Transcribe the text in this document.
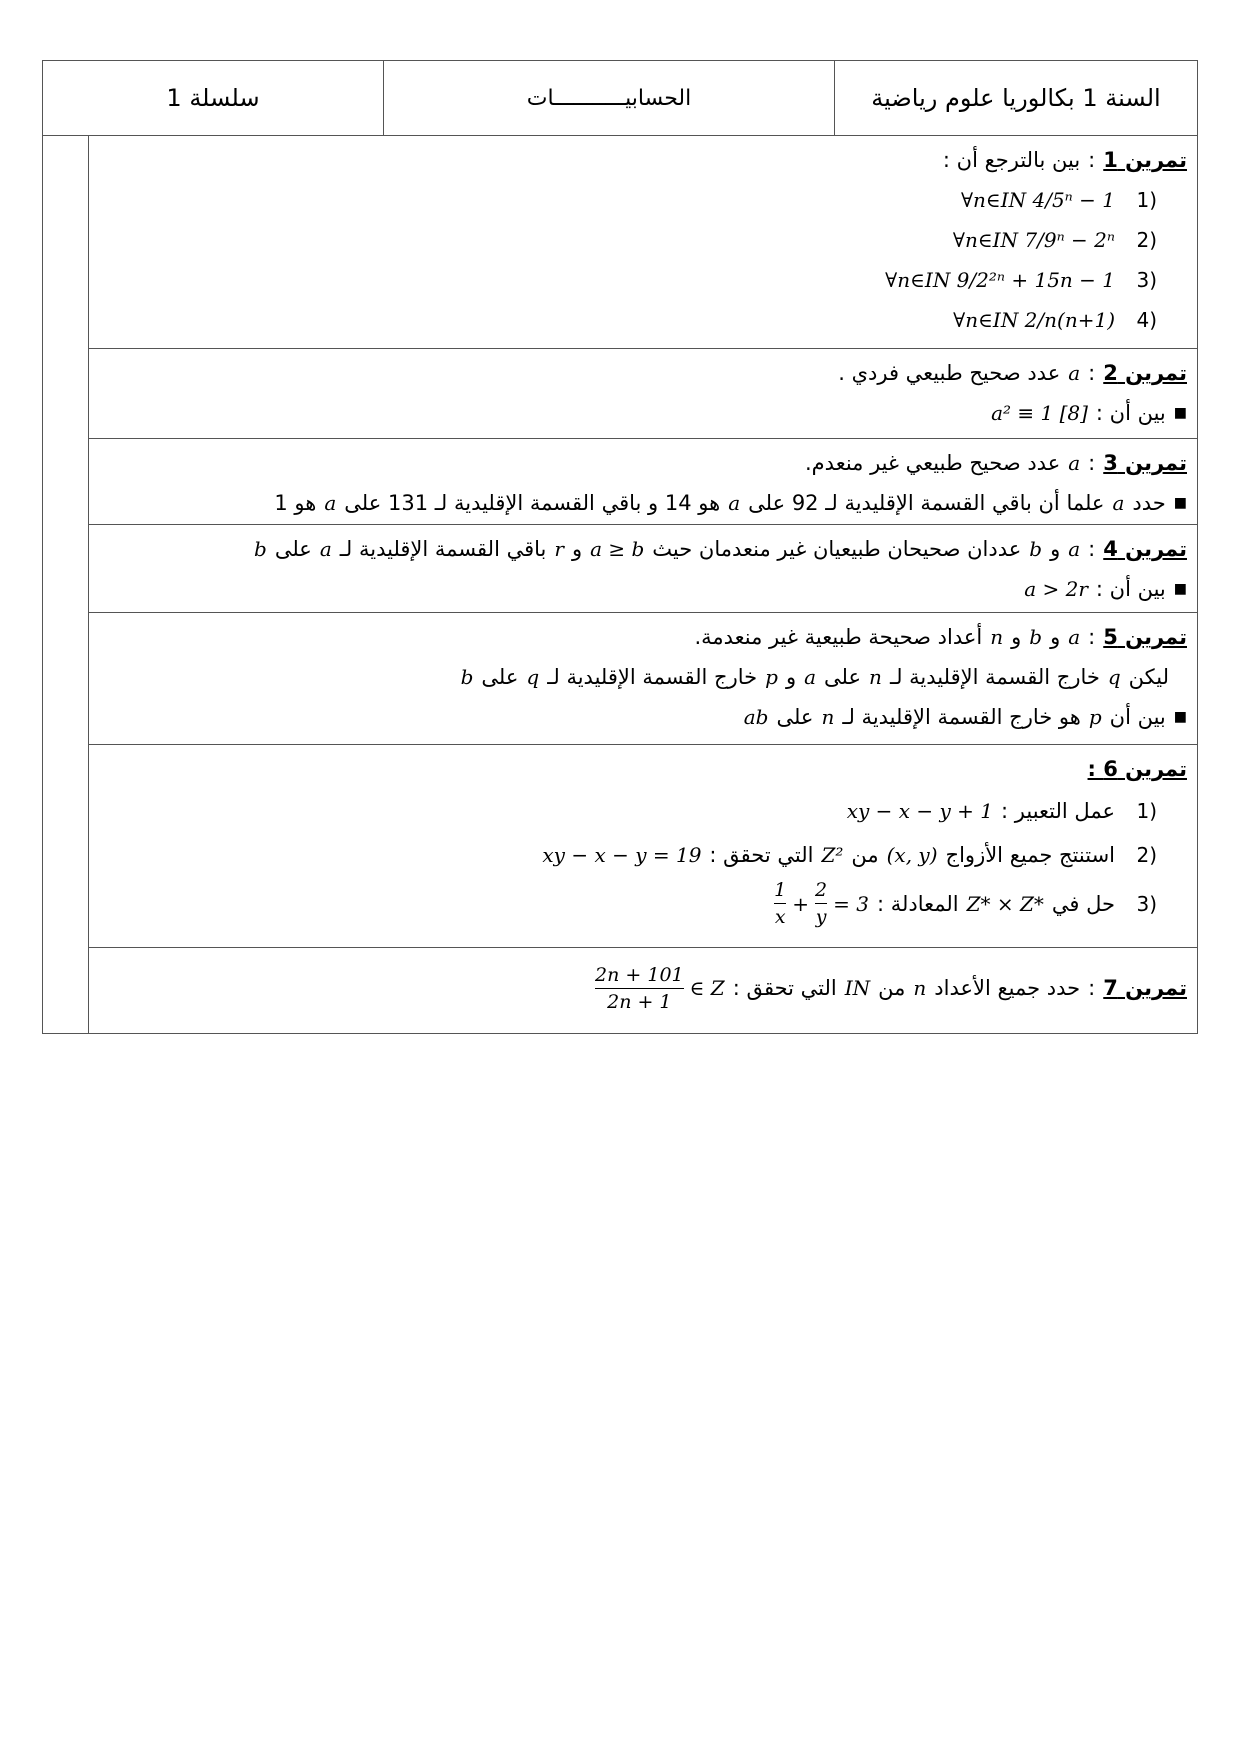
السنة 1 بكالوريا علوم رياضية
الحسابيـــــــــــات
سلسلة 1
تمرين 1
:
بين بالترجع أن :
(1
∀n∈IN 4/5ⁿ − 1
(2
∀n∈IN 7/9ⁿ − 2ⁿ
(3
∀n∈IN 9/2²ⁿ + 15n − 1
(4
∀n∈IN 2/n(n+1)
تمرين 2
:
a
عدد صحيح طبيعي فردي .
■
بين أن :
a² ≡ 1 [8]
تمرين 3
:
a
عدد صحيح طبيعي غير منعدم.
■
حدد
a
علما أن باقي القسمة الإقليدية لـ 92 على
a
هو 14 و باقي القسمة الإقليدية لـ 131 على
a
هو 1
تمرين 4
:
a
و
b
عددان صحيحان طبيعيان غير منعدمان حيث
a ≥ b
و
r
باقي القسمة الإقليدية لـ
a
على
b
■
بين أن :
a > 2r
تمرين 5
:
a
و
b
و
n
أعداد صحيحة طبيعية غير منعدمة.
ليكن
q
خارج القسمة الإقليدية لـ
n
على
a
و
p
خارج القسمة الإقليدية لـ
q
على
b
■
بين أن
p
هو خارج القسمة الإقليدية لـ
n
على
ab
تمرين 6 :
(1
عمل التعبير :
xy − x − y + 1
(2
استنتج جميع الأزواج
(x, y)
من
Z²
التي تحقق :
xy − x − y = 19
(3
حل في
Z* × Z*
المعادلة :
$\frac{1}{x} + \frac{2}{y} = 3$
تمرين 7
:
حدد جميع الأعداد
n
من
IN
التي تحقق :
$\frac{2n + 101}{2n + 1}$ ∈ Z
